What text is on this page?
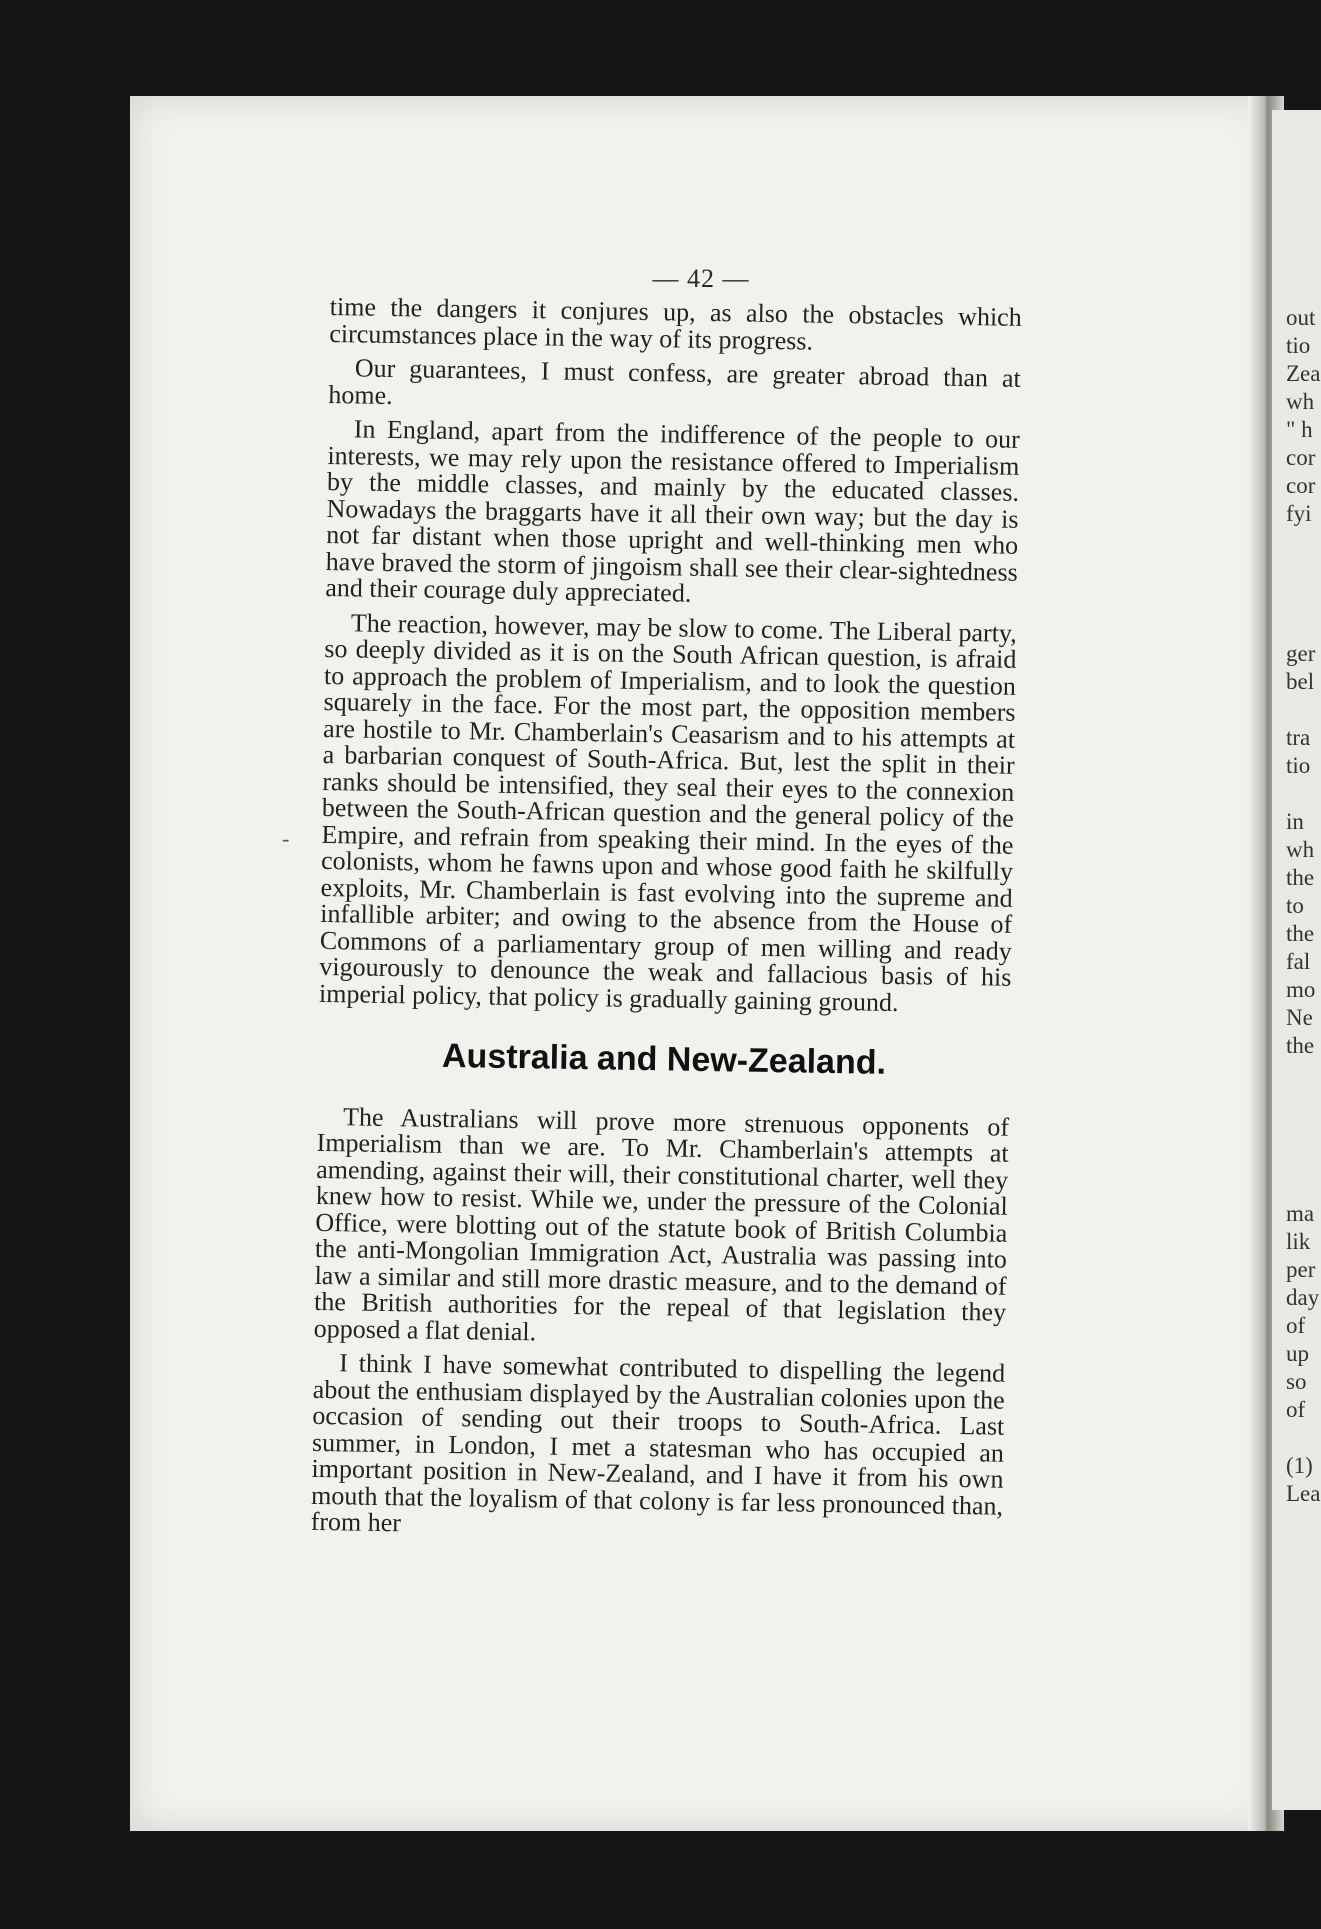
— 42 —
-

time the dangers it conjures up, as also the obstacles which circumstances place in the way of its progress.

Our guarantees, I must confess, are greater abroad than at home.

In England, apart from the indifference of the people to our interests, we may rely upon the resistance offered to Imperialism by the middle classes, and mainly by the educated classes. Nowadays the braggarts have it all their own way; but the day is not far distant when those upright and well-thinking men who have braved the storm of jingoism shall see their clear-sightedness and their courage duly appreciated.

The reaction, however, may be slow to come. The Liberal party, so deeply divided as it is on the South African question, is afraid to approach the problem of Imperialism, and to look the question squarely in the face. For the most part, the opposition members are hostile to Mr. Chamberlain's Ceasarism and to his attempts at a barbarian conquest of South-Africa. But, lest the split in their ranks should be intensified, they seal their eyes to the connexion between the South-African question and the general policy of the Empire, and refrain from speaking their mind. In the eyes of the colonists, whom he fawns upon and whose good faith he skilfully exploits, Mr. Chamberlain is fast evolving into the supreme and infallible arbiter; and owing to the absence from the House of Commons of a parliamentary group of men willing and ready vigourously to denounce the weak and fallacious basis of his imperial policy, that policy is gradually gaining ground.

Australia and New-Zealand.

The Australians will prove more strenuous opponents of Imperialism than we are. To Mr. Chamberlain's attempts at amending, against their will, their constitutional charter, well they knew how to resist. While we, under the pressure of the Colonial Office, were blotting out of the statute book of British Columbia the anti-Mongolian Immigration Act, Australia was passing into law a similar and still more drastic measure, and to the demand of the British authorities for the repeal of that legislation they opposed a flat denial.

I think I have somewhat contributed to dispelling the legend about the enthusiam displayed by the Australian colonies upon the occasion of sending out their troops to South-Africa. Last summer, in London, I met a statesman who has occupied an important position in New-Zealand, and I have it from his own mouth that the loyalism of that colony is far less pronounced than, from her

out
tio
Zea
wh
" h
cor
cor
fyi
ger
bel
tra
tio
in
wh
the
to
the
fal
mo
Ne
the
ma
lik
per
day
of
up
so
of
(1)
Lea
